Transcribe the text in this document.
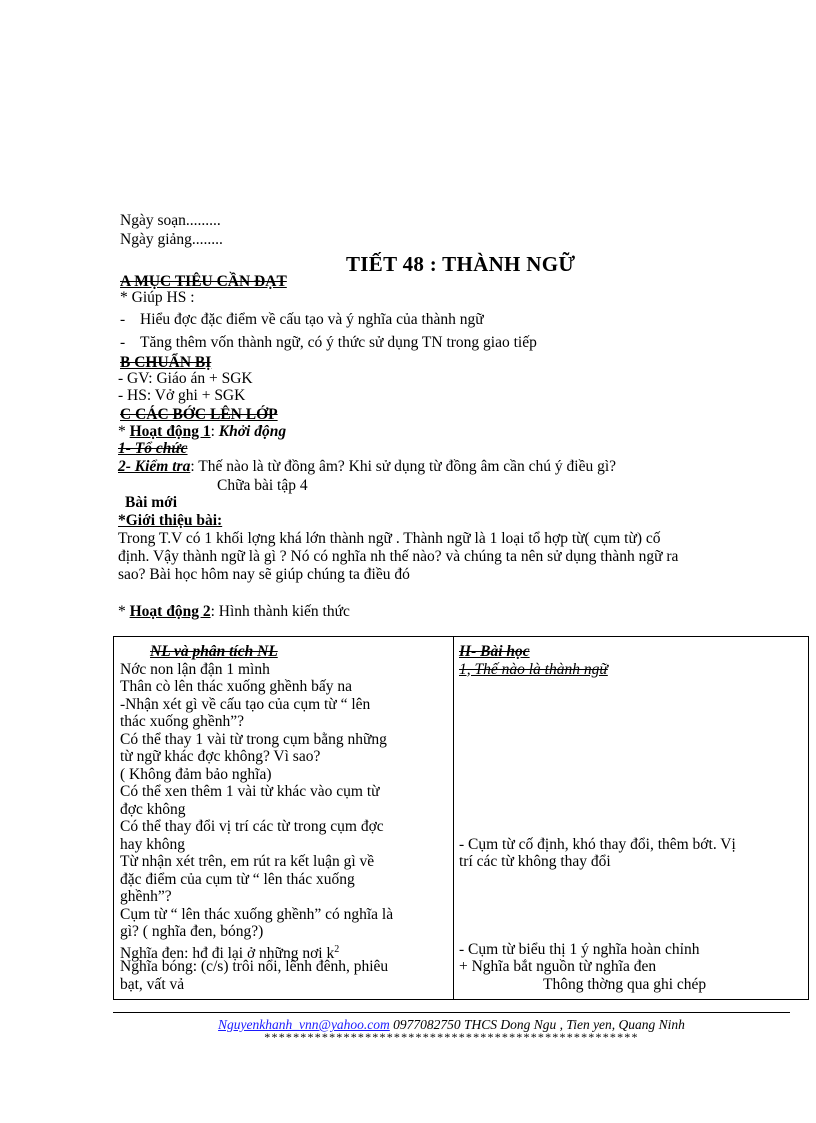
Ngày soạn.........
Ngày giảng........
TIẾT 48 : THÀNH NGỮ
A MỤC TIÊU CẦN ĐẠT
* Giúp HS :
- Hiểu đợc đặc điểm về cấu tạo và ý nghĩa của thành ngữ
- Tăng thêm vốn thành ngữ, có ý thức sử dụng TN trong giao tiếp
B CHUẨN BỊ
- GV: Giáo án + SGK
- HS: Vở ghi + SGK
C CÁC BỚC LÊN LỚP
* Hoạt động 1: Khởi động
1- Tổ chức
2- Kiểm tra: Thế nào là từ đồng âm? Khi sử dụng từ đồng âm cần chú ý điều gì?
Chữa bài tập 4
Bài mới
*Giới thiệu bài:
Trong T.V có 1 khối lợng khá lớn thành ngữ . Thành ngữ là 1 loại tổ hợp từ( cụm từ) cố
định. Vậy thành ngữ là gì ? Nó có nghĩa nh thế nào? và chúng ta nên sử dụng thành ngữ ra
sao? Bài học hôm nay sẽ giúp chúng ta điều đó
* Hoạt động 2: Hình thành kiến thức
NL và phân tích NL
Nớc non lận đận 1 mình
Thân cò lên thác xuống ghềnh bấy na
-Nhận xét gì về cấu tạo của cụm từ “ lên
thác xuống ghềnh”?
Có thể thay 1 vài từ trong cụm bằng những
từ ngữ khác đợc không? Vì sao?
( Không đảm bảo nghĩa)
Có thể xen thêm 1 vài từ khác vào cụm từ
đợc không
Có thể thay đổi vị trí các từ trong cụm đợc
hay không
Từ nhận xét trên, em rút ra kết luận gì về
đặc điểm của cụm từ “ lên thác xuống
ghềnh”?
Cụm từ “ lên thác xuống ghềnh” có nghĩa là
gì? ( nghĩa đen, bóng?)
Nghĩa đen: hđ đi lại ở những nơi $k^2$
Nghĩa bóng: (c/s) trôi nổi, lênh đênh, phiêu
bạt, vất vả
II- Bài học
1, Thế nào là thành ngữ
- Cụm từ cố định, khó thay đổi, thêm bớt. Vị
trí các từ không thay đổi
- Cụm từ biểu thị 1 ý nghĩa hoàn chỉnh
+ Nghĩa bắt nguồn từ nghĩa đen
Thông thờng qua ghi chép
Nguyenkhanh_vnn@yahoo.com 0977082750 THCS Dong Ngu , Tien yen, Quang Ninh
****************************************************
